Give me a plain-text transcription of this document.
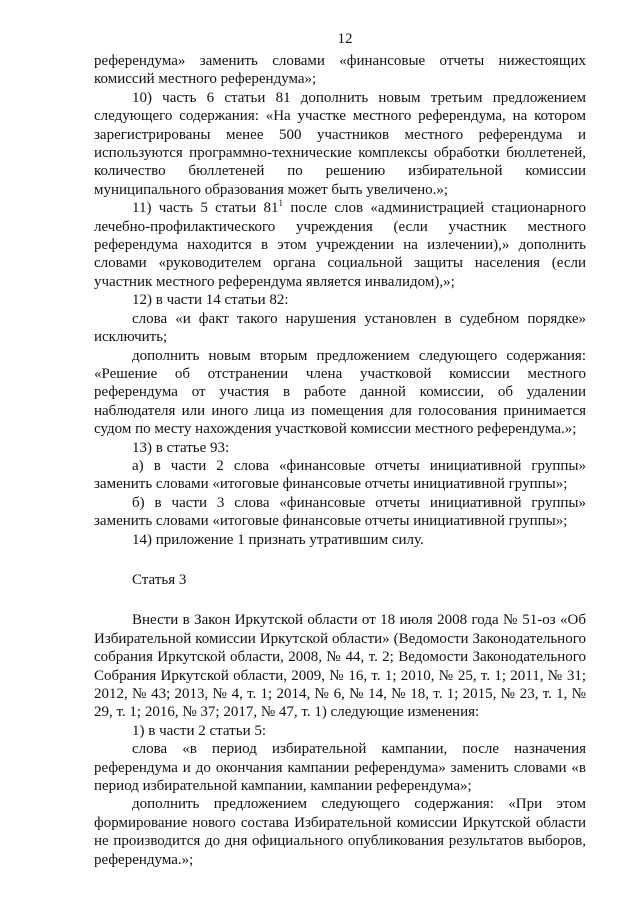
12

референдума» заменить словами «финансовые отчеты нижестоящих комиссий местного референдума»;

10) часть 6 статьи 81 дополнить новым третьим предложением следующего содержания: «На участке местного референдума, на котором зарегистрированы менее 500 участников местного референдума и используются программно-технические комплексы обработки бюллетеней, количество бюллетеней по решению избирательной комиссии муниципального образования может быть увеличено.»;

11) часть 5 статьи $81^1$ после слов «администрацией стационарного лечебно-профилактического учреждения (если участник местного референдума находится в этом учреждении на излечении),» дополнить словами «руководителем органа социальной защиты населения (если участник местного референдума является инвалидом),»;

12) в части 14 статьи 82:

слова «и факт такого нарушения установлен в судебном порядке» исключить;

дополнить новым вторым предложением следующего содержания: «Решение об отстранении члена участковой комиссии местного референдума от участия в работе данной комиссии, об удалении наблюдателя или иного лица из помещения для голосования принимается судом по месту нахождения участковой комиссии местного референдума.»;

13) в статье 93:

а) в части 2 слова «финансовые отчеты инициативной группы» заменить словами «итоговые финансовые отчеты инициативной группы»;

б) в части 3 слова «финансовые отчеты инициативной группы» заменить словами «итоговые финансовые отчеты инициативной группы»;

14) приложение 1 признать утратившим силу.

Статья 3

Внести в Закон Иркутской области от 18 июля 2008 года № 51-оз «Об Избирательной комиссии Иркутской области» (Ведомости Законодательного собрания Иркутской области, 2008, № 44, т. 2; Ведомости Законодательного Собрания Иркутской области, 2009, № 16, т. 1; 2010, № 25, т. 1; 2011, № 31; 2012, № 43; 2013, № 4, т. 1; 2014, № 6, № 14, № 18, т. 1; 2015, № 23, т. 1, № 29, т. 1; 2016, № 37; 2017, № 47, т. 1) следующие изменения:

1) в части 2 статьи 5:

слова «в период избирательной кампании, после назначения референдума и до окончания кампании референдума» заменить словами «в период избирательной кампании, кампании референдума»;

дополнить предложением следующего содержания: «При этом формирование нового состава Избирательной комиссии Иркутской области не производится до дня официального опубликования результатов выборов, референдума.»;
